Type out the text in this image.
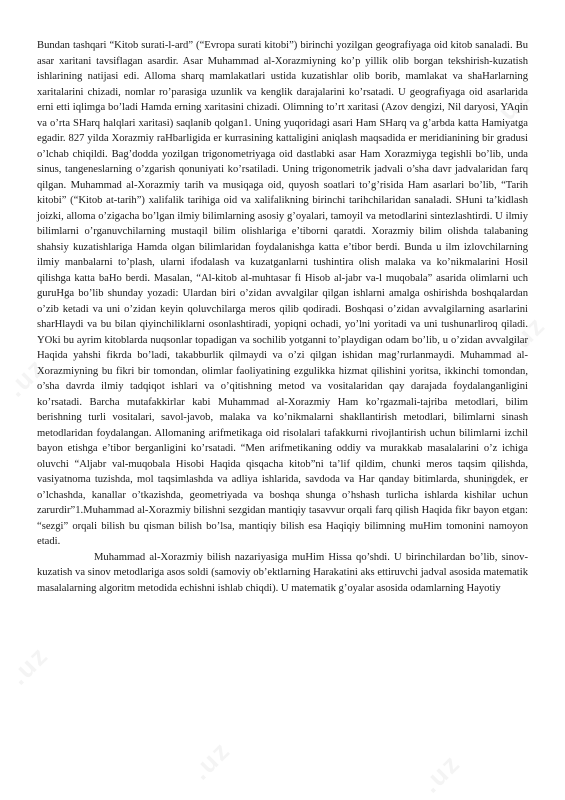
.uz
.uz
.uz
.uz
.uz
.uz	.uz

Bundan tashqari “Kitob surati-l-ard” (“Evropa surati kitobi”) birinchi yozilgan geografiyaga oid kitob sanaladi. Bu asar xaritani tavsiflagan asardir. Asar Muhammad al-Xorazmiyning ko’p yillik olib borgan tekshirish-kuzatish ishlarining natijasi edi. Alloma sharq mamlakatlari ustida kuzatishlar olib borib, mamlakat va shaHarlarning xaritalarini chizadi, nomlar ro’parasiga uzunlik va kenglik darajalarini ko’rsatadi. U geografiyaga oid asarlarida erni etti iqlimga bo’ladi Hamda erning xaritasini chizadi. Olimning to’rt xaritasi (Azov dengizi, Nil daryosi, YAqin va o’rta SHarq halqlari xaritasi) saqlanib qolgan1. Uning yuqoridagi asari Ham SHarq va g’arbda katta Hamiyatga egadir. 827 yilda Xorazmiy raHbarligida er kurrasining kattaligini aniqlash maqsadida er meridianining bir gradusi o’lchab chiqildi. Bag’dodda yozilgan trigonometriyaga oid dastlabki asar Ham Xorazmiyga tegishli bo’lib, unda sinus, tangeneslarning o’zgarish qonuniyati ko’rsatiladi. Uning trigonometrik jadvali o’sha davr jadvalaridan farq qilgan. Muhammad al-Xorazmiy tarih va musiqaga oid, quyosh soatlari to’g’risida Ham asarlari bo’lib, “Tarih kitobi” (“Kitob at-tarih”) xalifalik tarihiga oid va xalifalikning birinchi tarihchilaridan sanaladi. SHuni ta’kidlash joizki, alloma o’zigacha bo’lgan ilmiy bilimlarning asosiy g’oyalari, tamoyil va metodlarini sintezlashtirdi. U ilmiy bilimlarni o’rganuvchilarning mustaqil bilim olishlariga e’tiborni qaratdi. Xorazmiy bilim olishda talabaning shahsiy kuzatishlariga Hamda olgan bilimlaridan foydalanishga katta e’tibor berdi. Bunda u ilm izlovchilarning ilmiy manbalarni to’plash, ularni ifodalash va kuzatganlarni tushintira olish malaka va ko’nikmalarini Hosil qilishga katta baHo berdi. Masalan, “Al-kitob al-muhtasar fi Hisob al-jabr va-l muqobala” asarida olimlarni uch guruHga bo’lib shunday yozadi: Ulardan biri o’zidan avvalgilar qilgan ishlarni amalga oshirishda boshqalardan o’zib ketadi va uni o’zidan keyin qoluvchilarga meros qilib qodiradi. Boshqasi o’zidan avvalgilarning asarlarini sharHlaydi va bu bilan qiyinchiliklarni osonlashtiradi, yopiqni ochadi, yo’lni yoritadi va uni tushunarliroq qiladi. YOki bu ayrim kitoblarda nuqsonlar topadigan va sochilib yotganni to’playdigan odam bo’lib, u o’zidan avvalgilar Haqida yahshi fikrda bo’ladi, takabburlik qilmaydi va o’zi qilgan ishidan mag’rurlanmaydi. Muhammad al-Xorazmiyning bu fikri bir tomondan, olimlar faoliyatining ezgulikka hizmat qilishini yoritsa, ikkinchi tomondan, o’sha davrda ilmiy tadqiqot ishlari va o’qitishning metod va vositalaridan qay darajada foydalanganligini ko’rsatadi. Barcha mutafakkirlar kabi Muhammad al-Xorazmiy Ham ko’rgazmali-tajriba metodlari, bilim berishning turli vositalari, savol-javob, malaka va ko’nikmalarni shakllantirish metodlari, bilimlarni sinash metodlaridan foydalangan. Allomaning arifmetikaga oid risolalari tafakkurni rivojlantirish uchun bilimlarni izchil bayon etishga e’tibor berganligini ko’rsatadi. “Men arifmetikaning oddiy va murakkab masalalarini o’z ichiga oluvchi “Aljabr val-muqobala Hisobi Haqida qisqacha kitob”ni ta’lif qildim, chunki meros taqsim qilishda, vasiyatnoma tuzishda, mol taqsimlashda va adliya ishlarida, savdoda va Har qanday bitimlarda, shuningdek, er o’lchashda, kanallar o’tkazishda, geometriyada va boshqa shunga o’hshash turlicha ishlarda kishilar uchun zarurdir”1.Muhammad al-Xorazmiy bilishni sezgidan mantiqiy tasavvur orqali farq qilish Haqida fikr bayon etgan: “sezgi” orqali bilish bu qisman bilish bo’lsa, mantiqiy bilish esa Haqiqiy bilimning muHim tomonini namoyon etadi.

Muhammad al-Xorazmiy bilish nazariyasiga muHim Hissa qo’shdi. U birinchilardan bo’lib, sinov-kuzatish va sinov metodlariga asos soldi (samoviy ob’ektlarning Harakatini aks ettiruvchi jadval asosida matematik masalalarning algoritm metodida echishni ishlab chiqdi). U matematik g’oyalar asosida odamlarning Hayotiy
